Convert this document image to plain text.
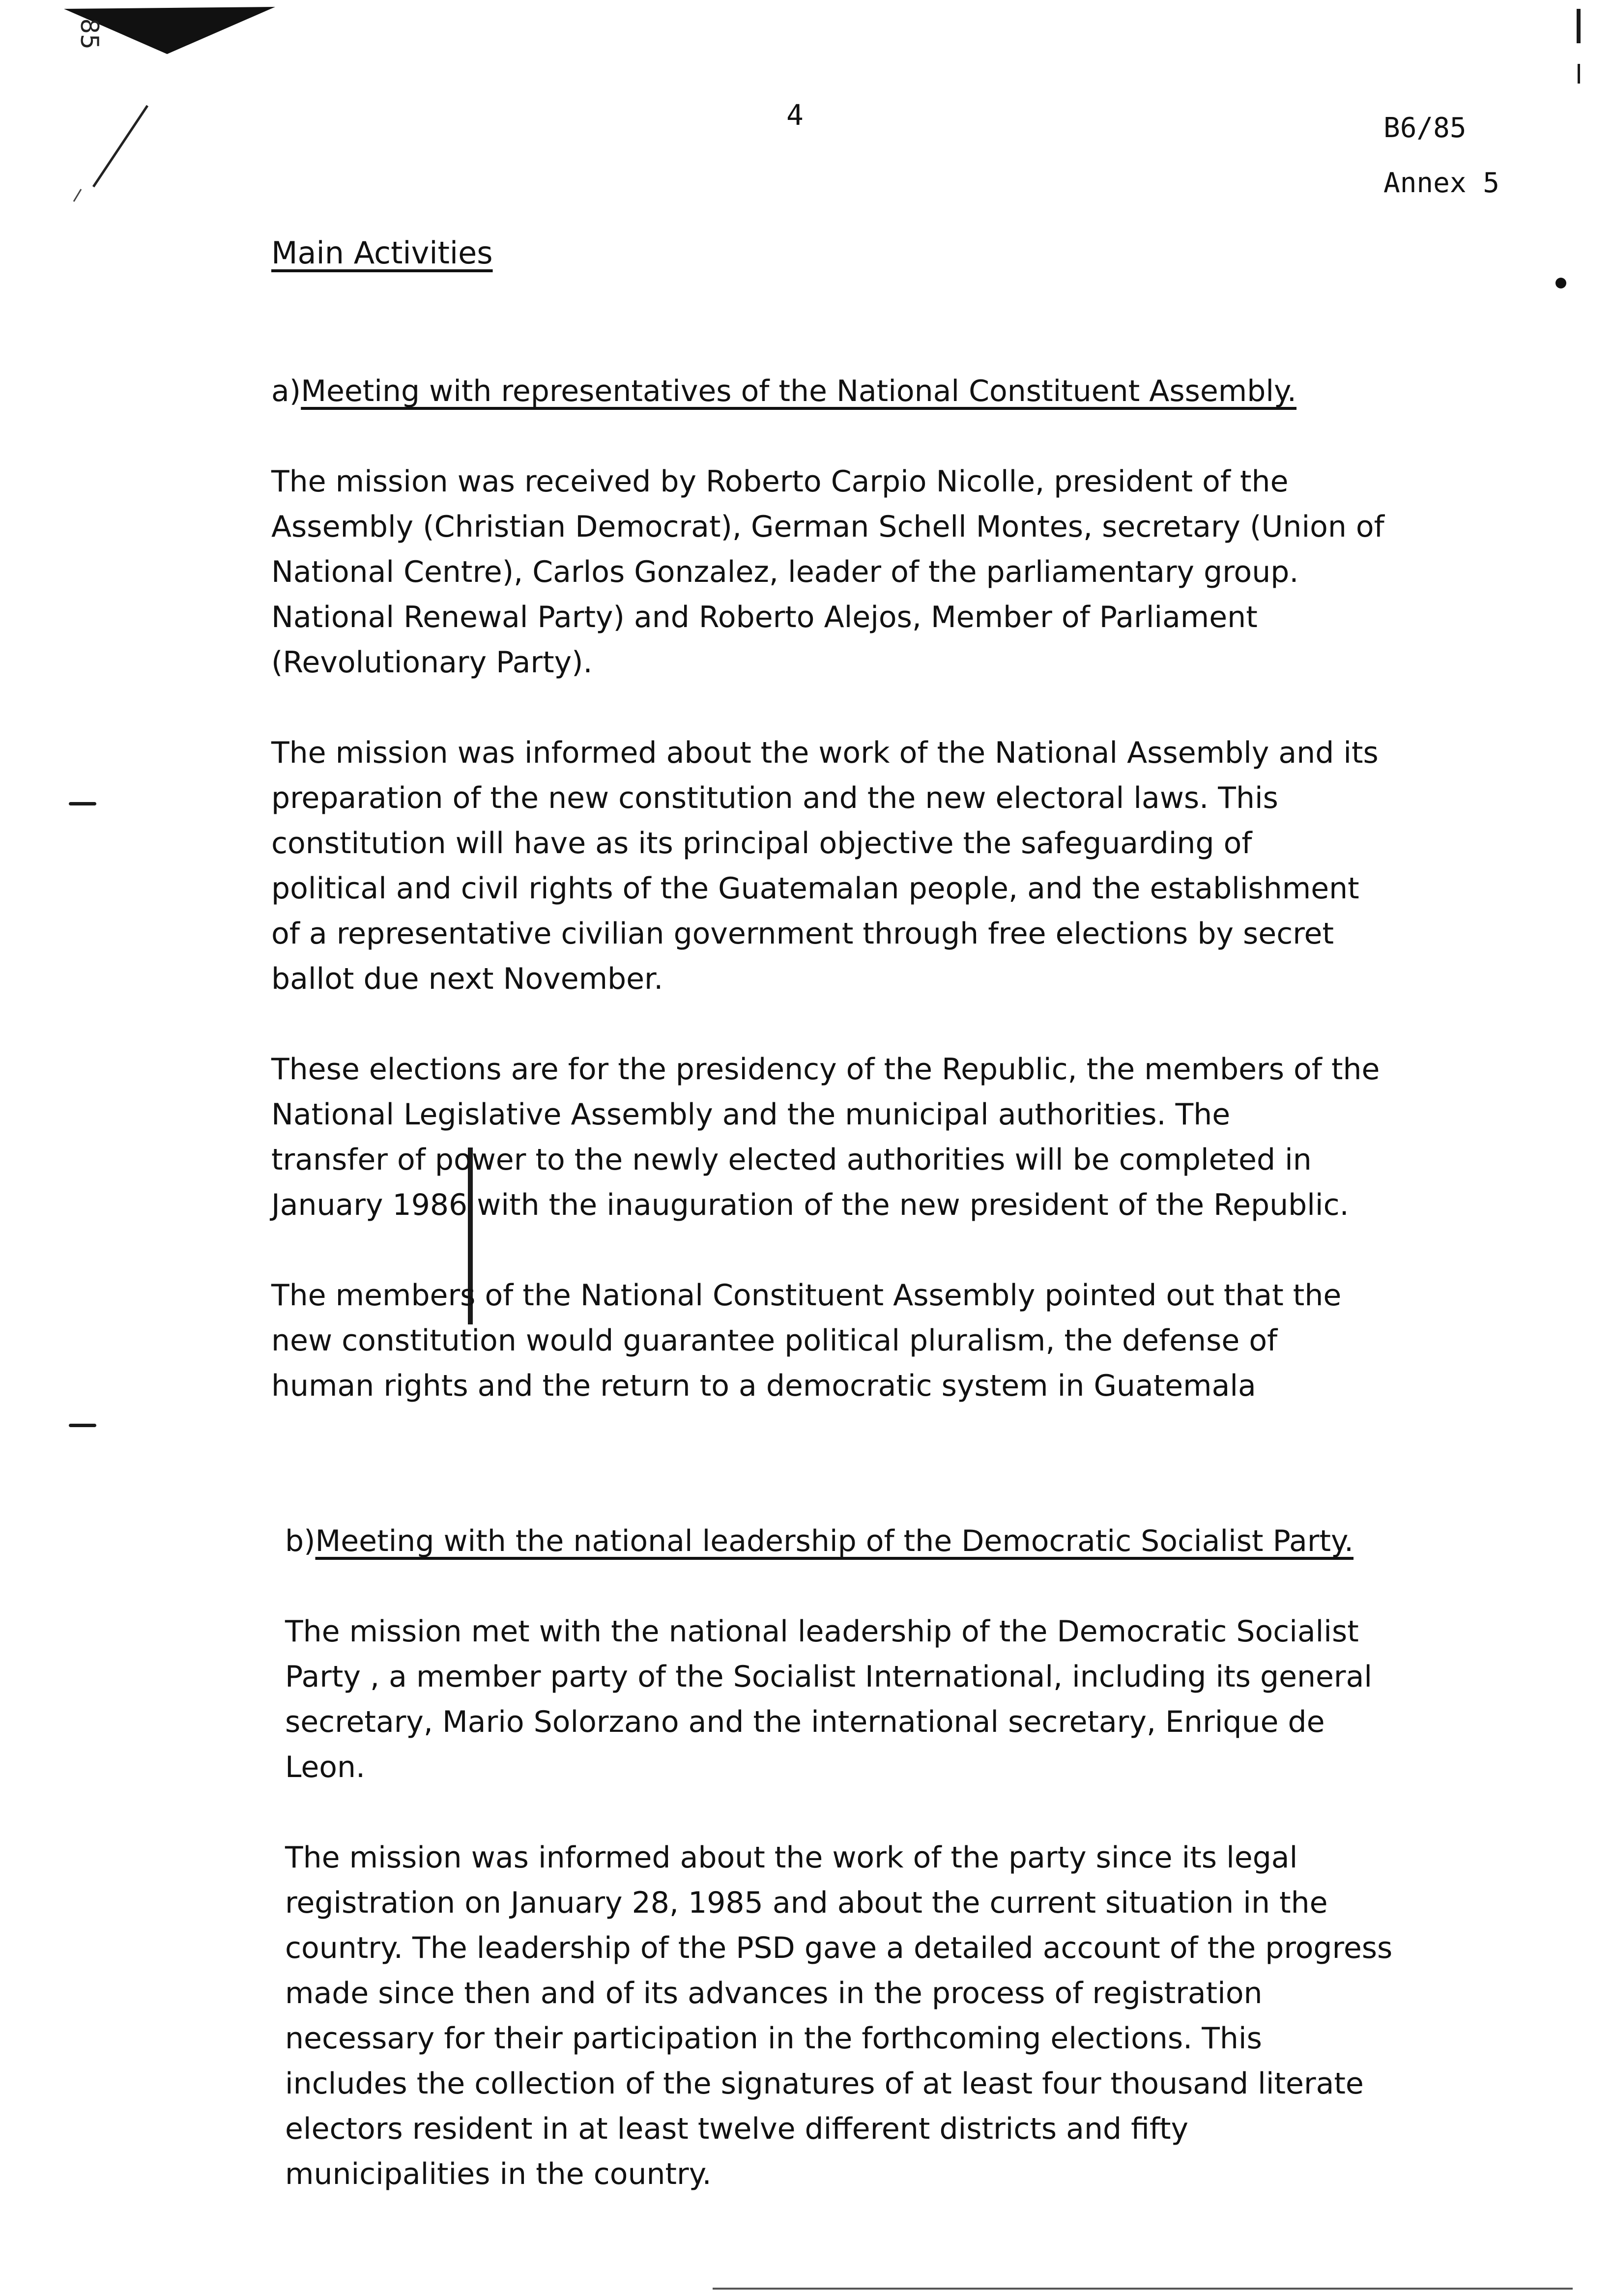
85
4	B6/85
Annex 5
Main Activities
a)Meeting with representatives of the National Constituent Assembly.

The mission was received by Roberto Carpio Nicolle, president of the
Assembly (Christian Democrat), German Schell Montes, secretary (Union of
National Centre), Carlos Gonzalez, leader of the parliamentary group.
National Renewal Party) and Roberto Alejos, Member of Parliament
(Revolutionary Party).

The mission was informed about the work of the National Assembly and its
preparation of the new constitution and the new electoral laws. This
constitution will have as its principal objective the safeguarding of
political and civil rights of the Guatemalan people, and the establishment
of a representative civilian government through free elections by secret
ballot due next November.

These elections are for the presidency of the Republic, the members of the
National Legislative Assembly and the municipal authorities. The
transfer of power to the newly elected authorities will be completed in
January 1986 with the inauguration of the new president of the Republic.

The members of the National Constituent Assembly pointed out that the
new constitution would guarantee political pluralism, the defense of
human rights and the return to a democratic system in Guatemala

b)Meeting with the national leadership of the Democratic Socialist Party.

The mission met with the national leadership of the Democratic Socialist
Party , a member party of the Socialist International, including its general
secretary, Mario Solorzano and the international secretary, Enrique de
Leon.

The mission was informed about the work of the party since its legal
registration on January 28, 1985 and about the current situation in the
country. The leadership of the PSD gave a detailed account of the progress
made since then and of its advances in the process of registration
necessary for their participation in the forthcoming elections. This
includes the collection of the signatures of at least four thousand literate
electors resident in at least twelve different districts and fifty
municipalities in the country.
